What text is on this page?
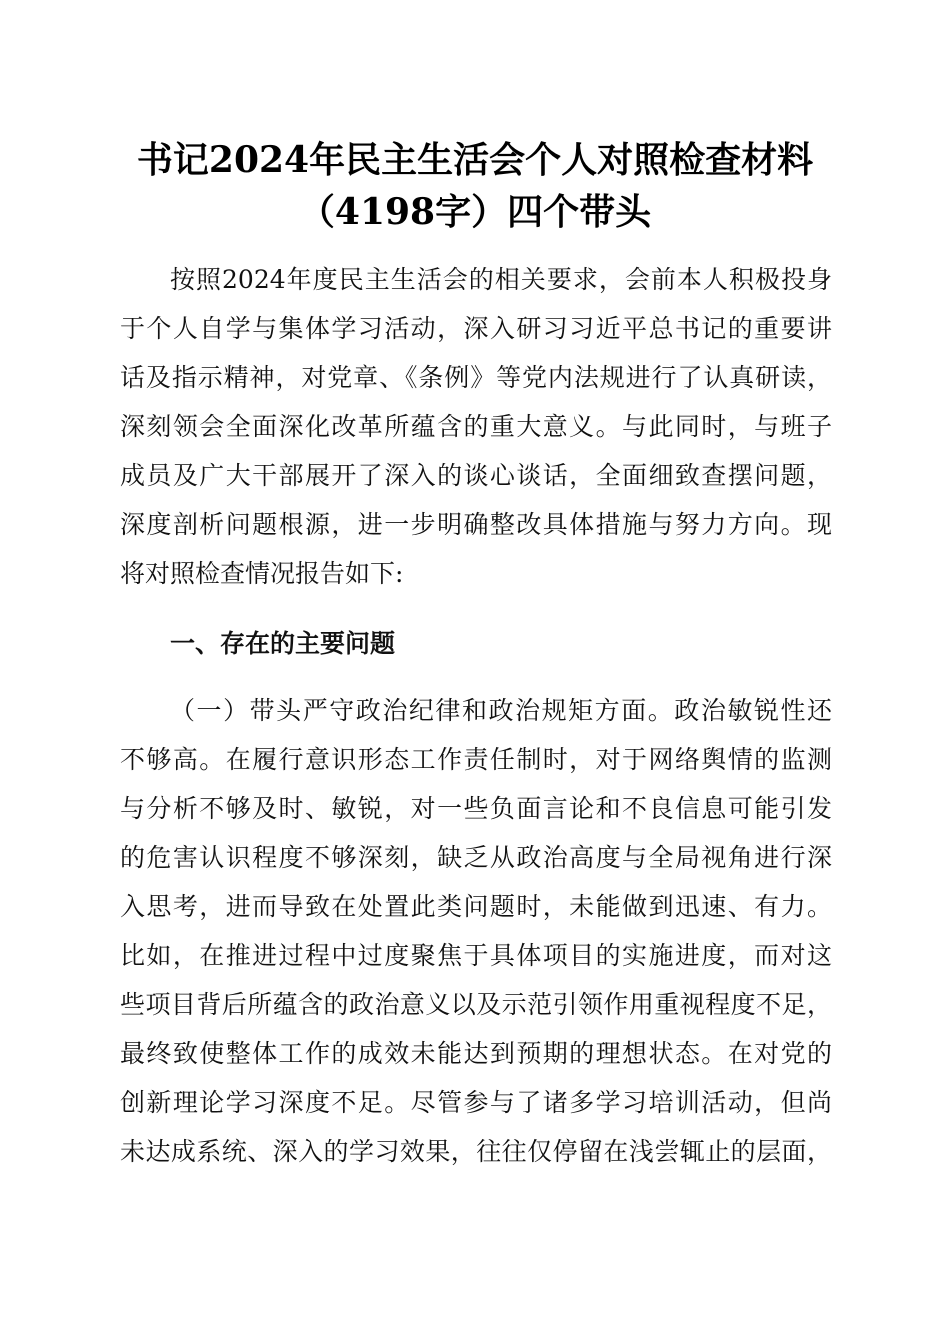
书记2024年民主生活会个人对照检查材料
（4198字）四个带头

按照2024年度民主生活会的相关要求，会前本人积极投身

于个人自学与集体学习活动，深入研习习近平总书记的重要讲

话及指示精神，对党章、《条例》等党内法规进行了认真研读，

深刻领会全面深化改革所蕴含的重大意义。与此同时，与班子

成员及广大干部展开了深入的谈心谈话，全面细致查摆问题，

深度剖析问题根源，进一步明确整改具体措施与努力方向。现

将对照检查情况报告如下:

一、存在的主要问题

（一）带头严守政治纪律和政治规矩方面。政治敏锐性还

不够高。在履行意识形态工作责任制时，对于网络舆情的监测

与分析不够及时、敏锐，对一些负面言论和不良信息可能引发

的危害认识程度不够深刻，缺乏从政治高度与全局视角进行深

入思考，进而导致在处置此类问题时，未能做到迅速、有力。

比如，在推进过程中过度聚焦于具体项目的实施进度，而对这

些项目背后所蕴含的政治意义以及示范引领作用重视程度不足，

最终致使整体工作的成效未能达到预期的理想状态。在对党的

创新理论学习深度不足。尽管参与了诸多学习培训活动，但尚

未达成系统、深入的学习效果，往往仅停留在浅尝辄止的层面，
